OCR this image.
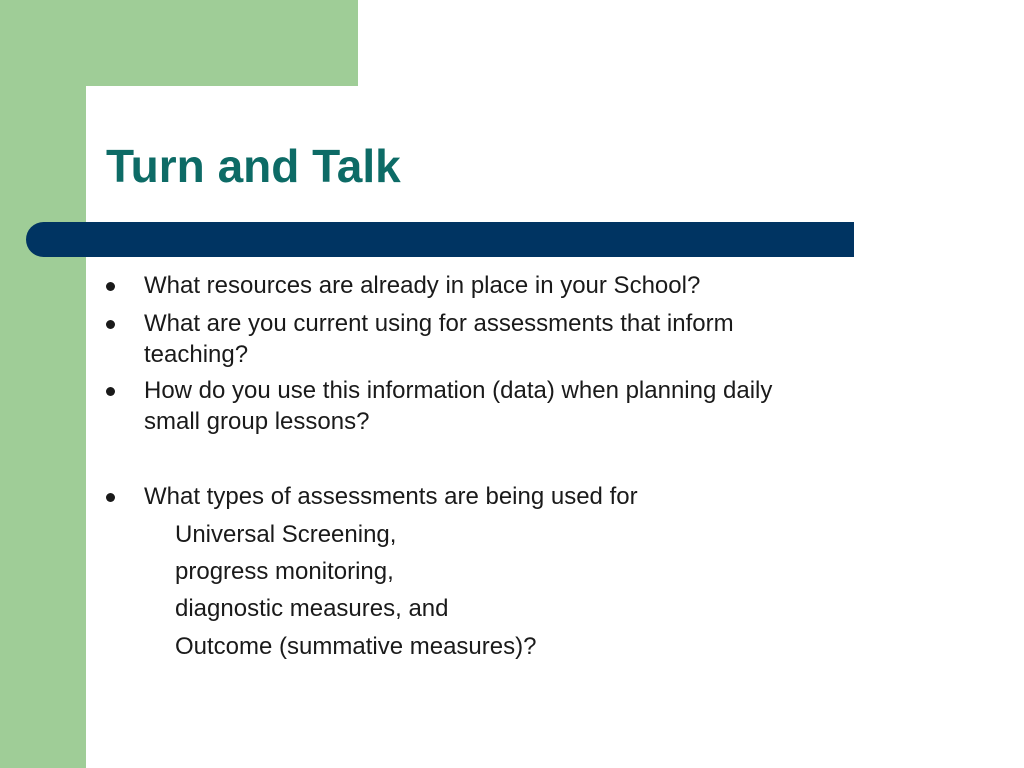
Turn and Talk
What resources are already in place in your School?
What are you current using for assessments that inform
teaching?
How do you use this information (data) when planning daily
small group lessons?
What types of assessments are being used for
Universal Screening,
progress monitoring,
diagnostic measures, and
Outcome (summative measures)?
